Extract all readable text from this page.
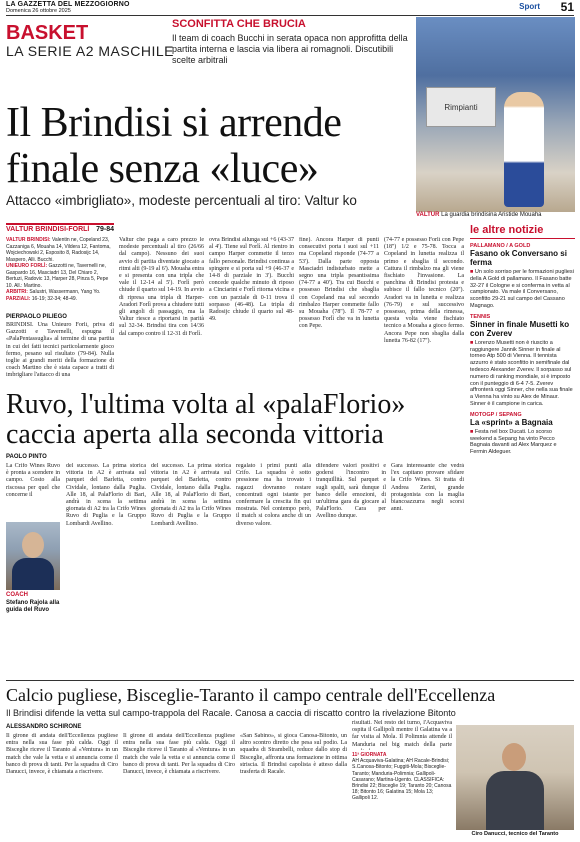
LA GAZZETTA DEL MEZZOGIORNO
Domenica 26 ottobre 2025	Sport 51
BASKET
LA SERIE A2 MASCHILE
SCONFITTA CHE BRUCIA
Il team di coach Bucchi in serata opaca non approfitta della partita interna e lascia via libera ai romagnoli. Discutibili scelte arbitrali
Rimpianti
VALTUR La guardia brindisina Aristide Mouaha
Il Brindisi si arrende
finale senza «luce»
Attacco «imbrigliato», modeste percentuali al tiro: Valtur ko
VALTUR BRINDISI-FORLÌ 79-84

VALTUR BRINDISI: Valentin ne, Copeland 23, Cazzaniga 6, Mouaha 14, Vildera 12, Fantoma, Wojciechowski 2, Esposito 8, Radosijc 14, Maspero, Alli. Bucchi.

UNIEURO FORLÌ: Gazzotti ne, Tavernelli ne, Gaspardo 16, Masciadri 13, Del Chiaro 2, Bertuzi, Radovic 13, Harper 28, Pinza 5, Pepe 10. All.: Martino.

ARBITRI: Salustri, Wassermann, Yang Yo.

PARZIALI: 16-19; 32-34; 48-49.

PIERPAOLO PILIEGO
BRINDISI. Una Unieuro Forlì, priva di Gazzotti e Tavernelli, espugna il «PalaPentassuglia» al termine di una partita in cui dei fatti tecnici particolarmente gioco fermo, pesano sul risultato (79-84). Nulla toglie ai grandi meriti della formazione di coach Martino che è stata capace a tratti di imbrigliare l'attacco di una
Valtur che paga a caro prezzo le modeste percentuali al tiro (26/66 dal campo). Nessuno dei suoi avvio di partita diventate giocato a ritmi alti (9-19 al 6'). Mouaha entra e si presenta con una tripla che vale il 12-14 al 5'). Forlì però chiude il quarto sul 14-19. In avvio di ripresa una tripla di Harper-Aradori Forlì prova a chiudere tutti gli angoli di passaggio, ma la Valtur riesce a riportarsi in parità sul 32-34. Brindisi tira con 14/36 dal campo contro il 12-31 di Forlì.
ovra Brindisi allunga sul +6 (43-37 al 4'). Tiene sul Forlì. Al rientro in campo Harper commette il terzo fallo personale. Brindisi continua a spingere e si porta sul +9 (46-37 e 14-8 di parziale in 3'). Bucchi concede qualche minuto di riposo a Cinciarini e Forlì ritorna vicina e con un parziale di 0-11 trova il sorpasso (46-48). La tripla di Radosijc chiude il quarto sul 48-49.
fine). Ancora Harper di punti consecutivi porta i suoi sul +11 ma Copeland risponde (74-77 a 53'). Dalla parte opposta Masciadri indisturbato mette a segno una tripla pesantissima (74-77 a 40'). Tra cui Bucchi e possesso Brindisi che sbaglia con Copeland ma sul secondo rimbalzo Harper commette fallo su Mouaha (78''). Il 78-77 e possesso Forlì che va in lunetta con Pepe.
(74-77 e possesso Forlì con Pepe (18'') 1/2 e 75-78. Tocca a Copeland in lunetta realizza il primo e sbaglia il secondo. Cattura il rimbalzo ma gli viene fischiato l'invasione. La panchina di Brindisi protesta e subisce il fallo tecnico (20''). Aradori va in lunetta e realizza (76-79) e sul successivo possesso, prima della rimessa, questa volta viene fischiato tecnico a Mouaha a gioco fermo. Ancora Pepe non sbaglia dalla lunetta 76-82 (17'').
le altre notizie
PALLAMANO / A GOLD
Fasano ok Conversano si ferma
■ Un solo sorriso per le formazioni pugliesi della A Gold di pallamano. Il Fasano batte 32-27 il Cologne e si conferma in vetta al campionato. Va male il Conversano, sconfitto 29-21 sul campo del Cassano Magnago.
TENNIS
Sinner in finale Musetti ko con Zverev
■ Lorenzo Musetti non è riuscito a raggiungere Jannik Sinner in finale al torneo Atp 500 di Vienna. Il tennista azzurro è stato sconfitto in semifinale dal tedesco Alexander Zverev. Il sorpasso sul numero di ranking mondiale, si è imposto con il punteggio di 6-4 7-5. Zverev affronterà oggi Sinner, che nella sua finale a Vienna ha vinto su Alex de Minaur. Sinner è il campione in carica.
MOTOGP / SEPANG
La «sprint» a Bagnaia
■ Festa nel box Ducati. Lo scorso weekend a Sepang ha vinto Pecco Bagnaia davanti ad Alex Marquez e Fermin Aldeguer.
Ruvo, l'ultima volta al «palaFlorio»
caccia aperta alla seconda vittoria
PAOLO PINTO
La Crifo Wines Ruvo è pronta a scendere in campo. Costo alla riscossa per quel che concerne il
COACH
Stefano Rajola alla guida del Ruvo
del successo. La prima storica vittoria in A2 è arrivata sul parquet del Barletta, contro Cividale, lontano dalla Puglia. Alle 18, al PalaFlorio di Bari, andrà in scena la settima giornata di A2 tra la Crifo Wines Ruvo di Puglia e la Gruppo Lombardi Avellino.
del successo. La prima storica vittoria in A2 è arrivata sul parquet del Barletta, contro Cividale, lontano dalla Puglia. Alle 18, al PalaFlorio di Bari, andrà in scena la settima giornata di A2 tra la Crifo Wines Ruvo di Puglia e la Gruppo Lombardi Avellino.
regalato i primi punti alla Crifo. La squadra è sotto pressione ma ha trovato i ragazzi dovranno restare concentrati ogni istante per confermare la crescita fin qui mostrata. Nel contempo però, il match si colora anche di un diverso valore.
difendere valori positivi e godersi l'incontro in tranquillità. Sul parquet e sugli spalti, sarà dunque il banco delle emozioni, di un'ultima gara da giocare al PalaFlorio. Cara per Avellino dunque.
Gara interessante che vedrà l'ex capitano provare sfidare la Crifo Wines. Si tratta di Andrea Zerini, grande protagonista con la maglia biancoazzurra negli scorsi anni.
Calcio pugliese, Bisceglie-Taranto il campo centrale dell'Eccellenza
Il Brindisi difende la vetta sul campo-trappola del Racale. Canosa a caccia di riscatto contro la rivelazione Bitonto
ALESSANDRO SCHIRONE
Il girone di andata dell'Eccellenza pugliese entra nella sua fase più calda. Oggi il Bisceglie riceve il Taranto al «Ventura» in un match che vale la vetta e si annuncia come il banco di prova di tanti. Per la squadra di Ciro Danucci, invece, è chiamata a riscrivere.
Il girone di andata dell'Eccellenza pugliese entra nella sua fase più calda. Oggi il Bisceglie riceve il Taranto al «Ventura» in un match che vale la vetta e si annuncia come il banco di prova di tanti. Per la squadra di Ciro Danucci, invece, è chiamata a riscrivere.
«San Sabino», si gioca Canosa-Bitonto, un altro scontro diretto che pesa sul podio. La squadra di Strambelli, reduce dallo stop di Bisceglie, affronta una formazione in ottima striscia. Il Brindisi capolista è atteso dalla trasferta di Racale.
risultati. Nel resto del turno, l'Acquaviva ospita il Gallipoli mentre il Galatina va a far visita al Mola. Il Polimnia attende il Manduria nel big match della parte
11ª GIORNATA
AH Acquaviva-Galatina; AH Racale-Brindisi; S.Canosa-Bitonto; Fuggiti-Mola; Bisceglie-Taranto; Manduria-Polimnia; Gallipoli-Casarano; Martina-Ugento. CLASSIFICA: Brindisi 22; Bisceglie 19; Taranto 20; Canosa 18; Bitonto 16; Galatina 15; Mola 13; Gallipoli 12.
Ciro Danucci, tecnico del Taranto
